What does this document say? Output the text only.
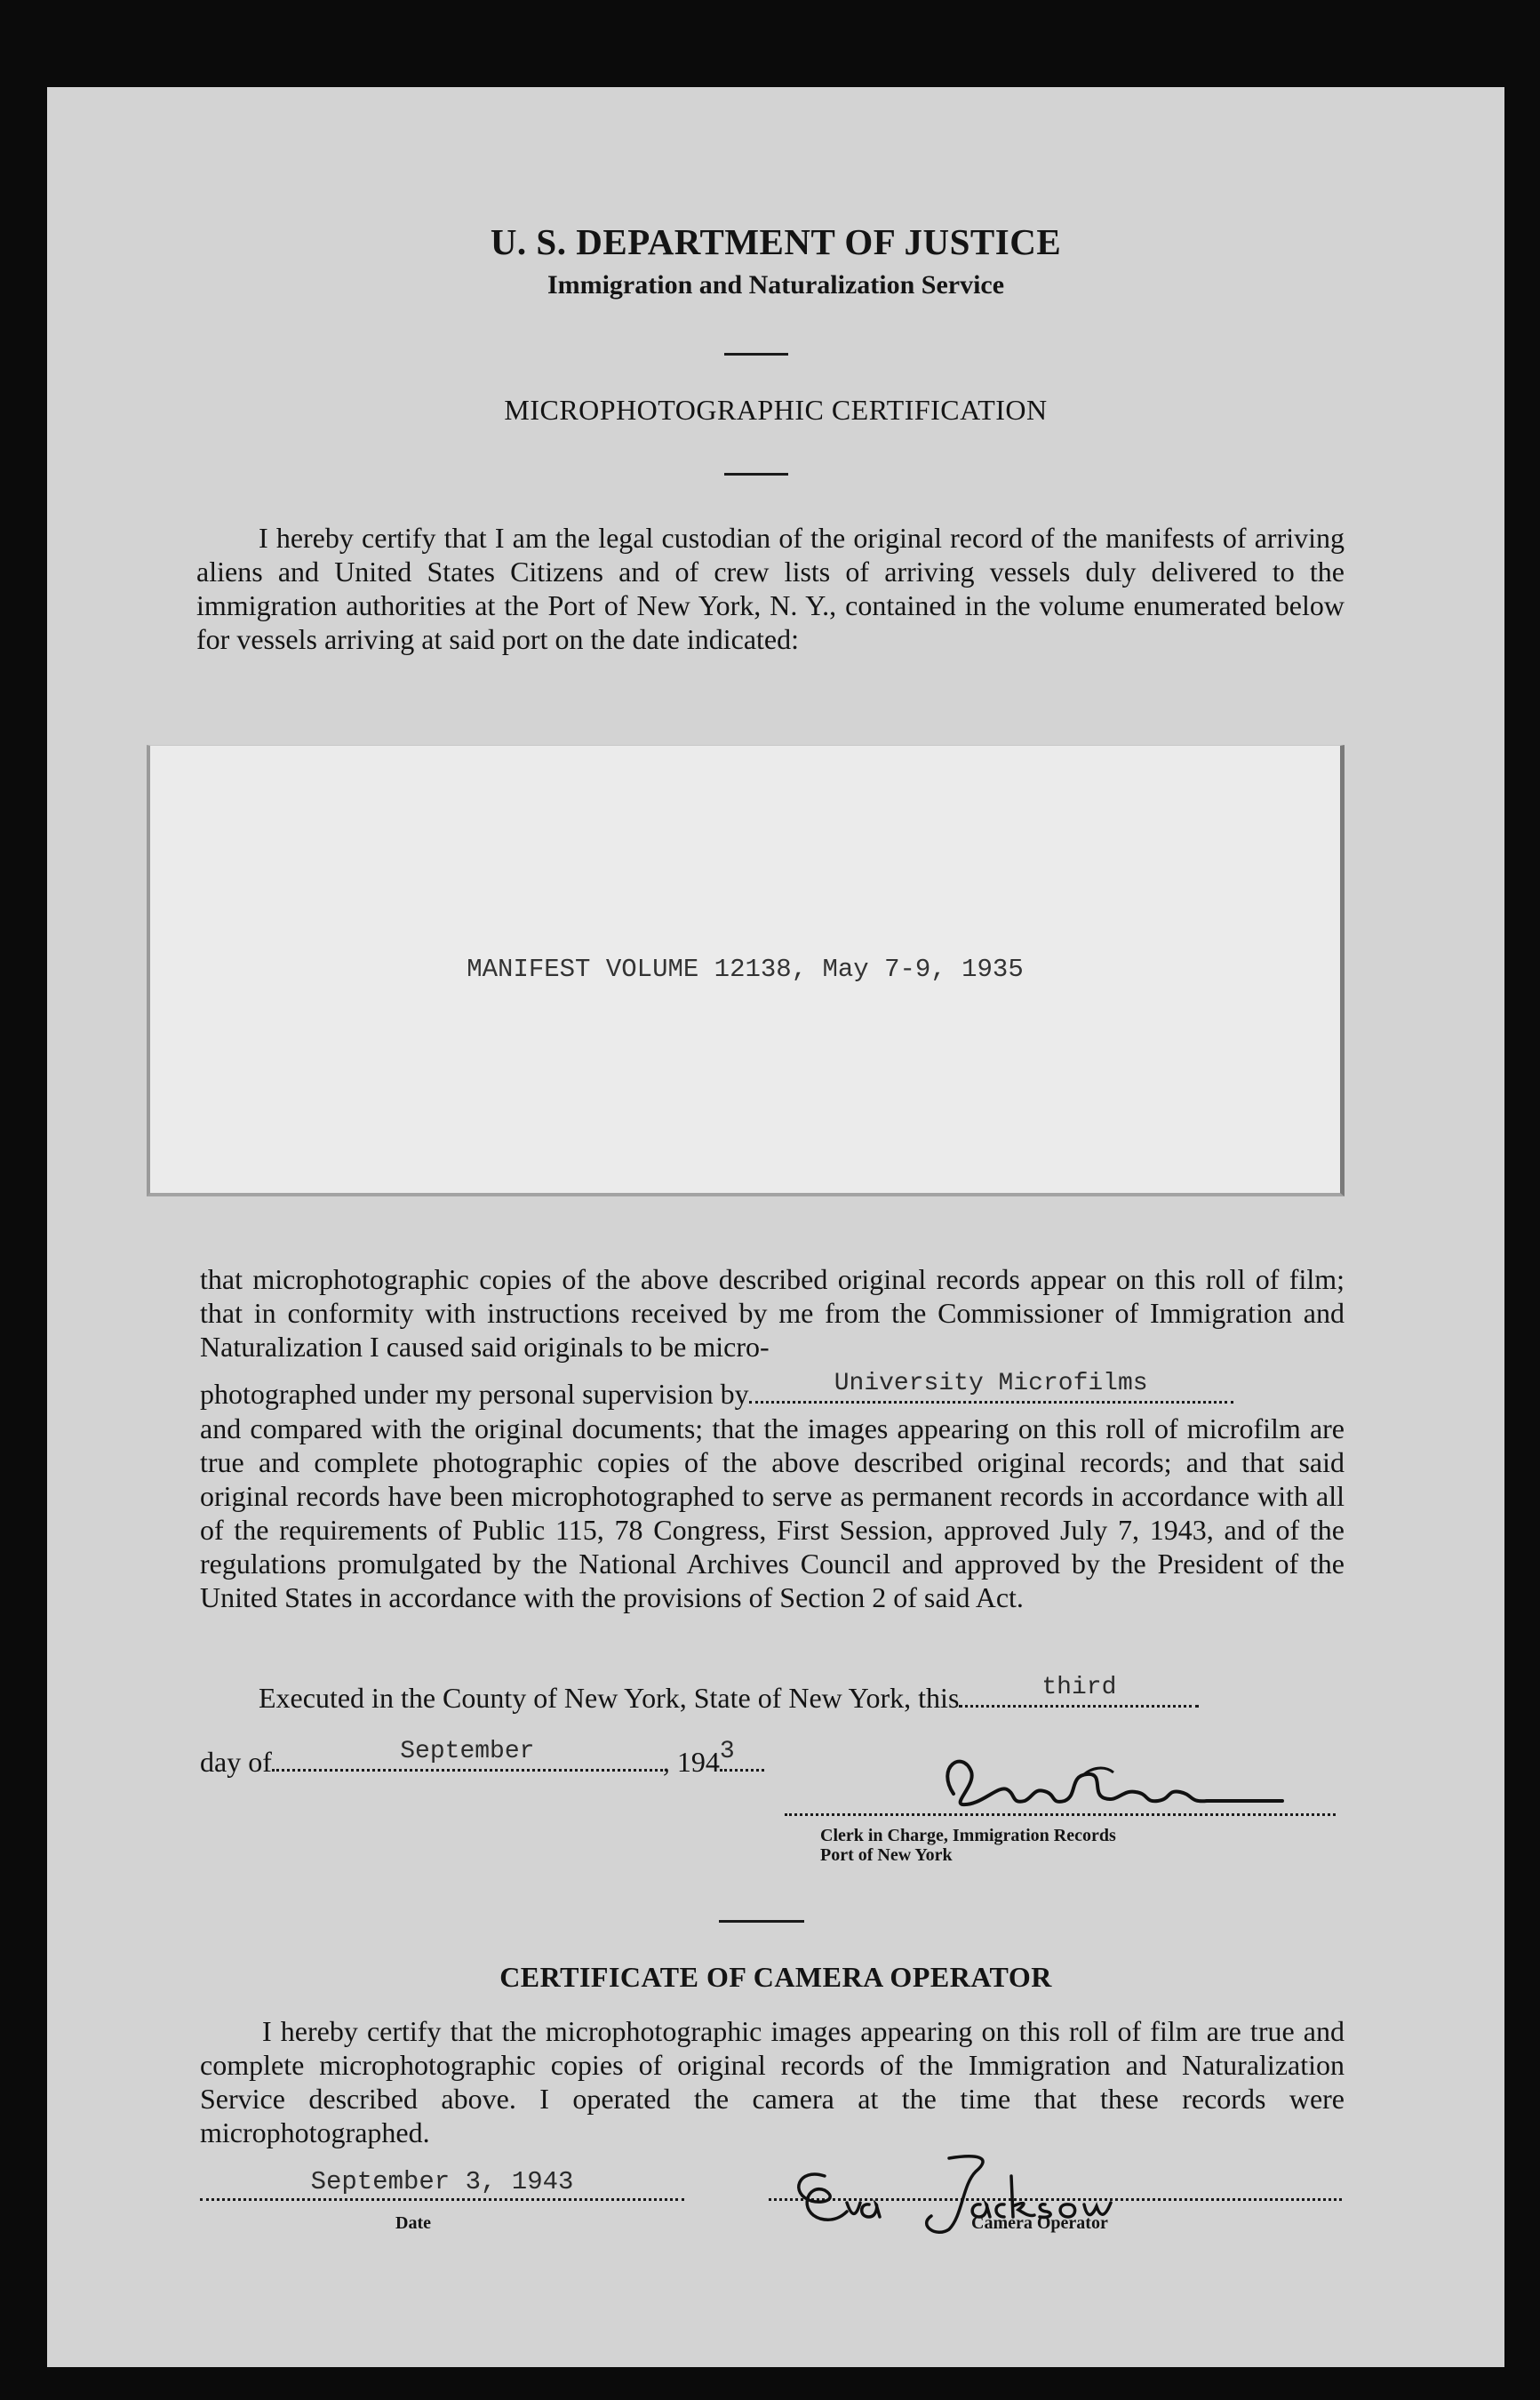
U. S. DEPARTMENT OF JUSTICE
Immigration and Naturalization Service
MICROPHOTOGRAPHIC CERTIFICATION
I hereby certify that I am the legal custodian of the original record of the manifests of arriving aliens and United States Citizens and of crew lists of arriving vessels duly delivered to the immigration authorities at the Port of New York, N. Y., contained in the volume enumerated below for vessels arriving at said port on the date indicated:
MANIFEST VOLUME 12138, May 7-9, 1935
that microphotographic copies of the above described original records appear on this roll of film; that in conformity with instructions received by me from the Commissioner of Immigration and Naturalization I caused said originals to be micro-
photographed under my personal supervision by	University Microfilms
and compared with the original documents; that the images appearing on this roll of microfilm are true and complete photographic copies of the above described original records; and that said original records have been microphotographed to serve as permanent records in accordance with all of the requirements of Public 115, 78 Congress, First Session, approved July 7, 1943, and of the regulations promulgated by the National Archives Council and approved by the President of the United States in accordance with the provisions of Section 2 of said Act.
Executed in the County of New York, State of New York, this	third
day of	September	, 194 3
Clerk in Charge, Immigration Records
Port of New York
CERTIFICATE OF CAMERA OPERATOR
I hereby certify that the microphotographic images appearing on this roll of film are true and complete microphotographic copies of original records of the Immigration and Naturalization Service described above. I operated the camera at the time that these records were microphotographed.
September 3, 1943
Date	Camera Operator
